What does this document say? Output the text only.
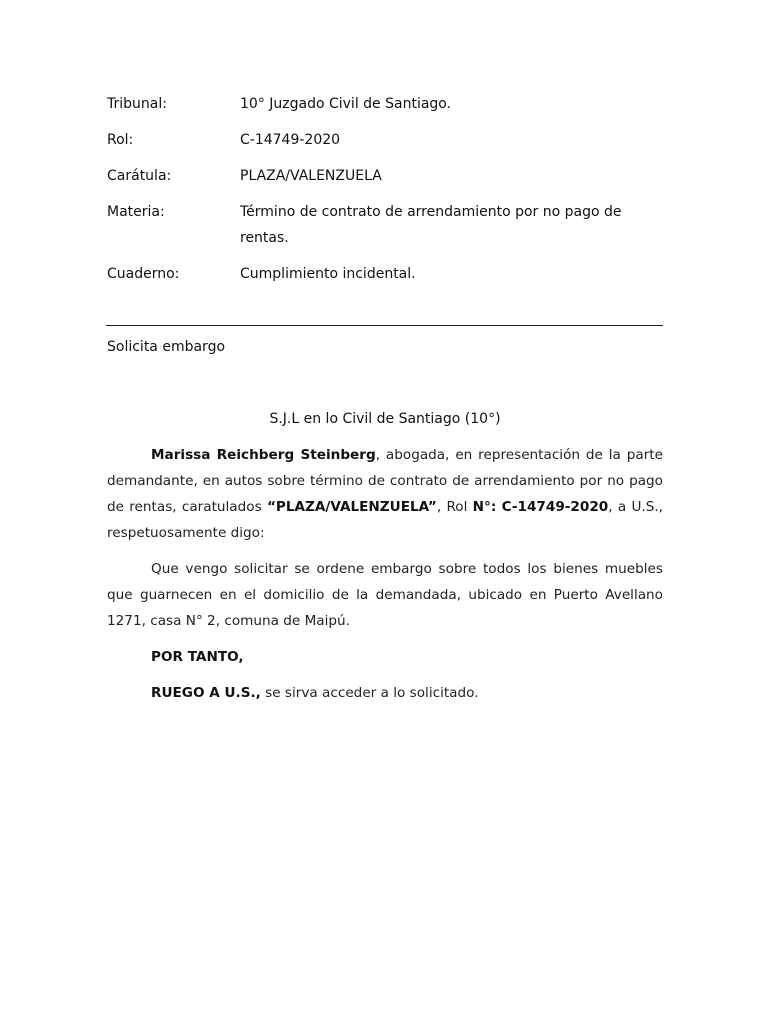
Tribunal:	10° Juzgado Civil de Santiago.
Rol:	C-14749-2020
Carátula:	PLAZA/VALENZUELA
Materia:	Término de contrato de arrendamiento por no pago de rentas.
Cuaderno:	Cumplimiento incidental.
Solicita embargo
S.J.L en lo Civil de Santiago (10°)

Marissa Reichberg Steinberg, abogada, en representación de la parte demandante, en autos sobre término de contrato de arrendamiento por no pago de rentas, caratulados “PLAZA/VALENZUELA”, Rol N°: C-14749-2020, a U.S., respetuosamente digo:

Que vengo solicitar se ordene embargo sobre todos los bienes muebles que guarnecen en el domicilio de la demandada, ubicado en Puerto Avellano 1271, casa N° 2, comuna de Maipú.

POR TANTO,

RUEGO A U.S., se sirva acceder a lo solicitado.
